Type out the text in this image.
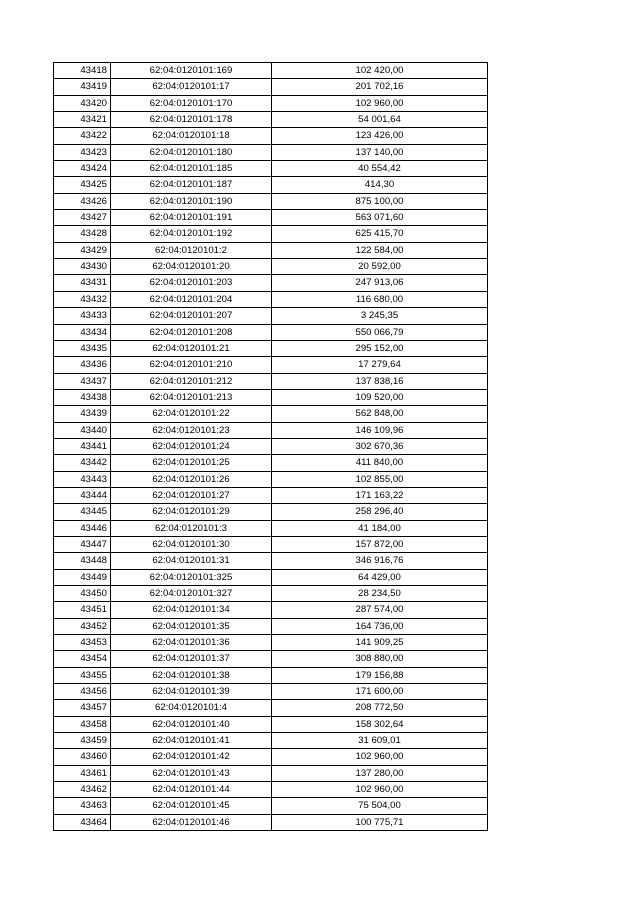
43418	62:04:0120101:169	102 420,00
43419	62:04:0120101:17	201 702,16
43420	62:04:0120101:170	102 960,00
43421	62:04:0120101:178	54 001,64
43422	62:04:0120101:18	123 426,00
43423	62:04:0120101:180	137 140,00
43424	62:04:0120101:185	40 554,42
43425	62:04:0120101:187	414,30
43426	62:04:0120101:190	875 100,00
43427	62:04:0120101:191	563 071,60
43428	62:04:0120101:192	625 415,70
43429	62:04:0120101:2	122 584,00
43430	62:04:0120101:20	20 592,00
43431	62:04:0120101:203	247 913,06
43432	62:04:0120101:204	116 680,00
43433	62:04:0120101:207	3 245,35
43434	62:04:0120101:208	550 066,79
43435	62:04:0120101:21	295 152,00
43436	62:04:0120101:210	17 279,64
43437	62:04:0120101:212	137 838,16
43438	62:04:0120101:213	109 520,00
43439	62:04:0120101:22	562 848,00
43440	62:04:0120101:23	146 109,96
43441	62:04:0120101:24	302 670,36
43442	62:04:0120101:25	411 840,00
43443	62:04:0120101:26	102 855,00
43444	62:04:0120101:27	171 163,22
43445	62:04:0120101:29	258 296,40
43446	62:04:0120101:3	41 184,00
43447	62:04:0120101:30	157 872,00
43448	62:04:0120101:31	346 916,76
43449	62:04:0120101:325	64 429,00
43450	62:04:0120101:327	28 234,50
43451	62:04:0120101:34	287 574,00
43452	62:04:0120101:35	164 736,00
43453	62:04:0120101:36	141 909,25
43454	62:04:0120101:37	308 880,00
43455	62:04:0120101:38	179 156,88
43456	62:04:0120101:39	171 600,00
43457	62:04:0120101:4	208 772,50
43458	62:04:0120101:40	158 302,64
43459	62:04:0120101:41	31 609,01
43460	62:04:0120101:42	102 960,00
43461	62:04:0120101:43	137 280,00
43462	62:04:0120101:44	102 960,00
43463	62:04:0120101:45	75 504,00
43464	62:04:0120101:46	100 775,71
